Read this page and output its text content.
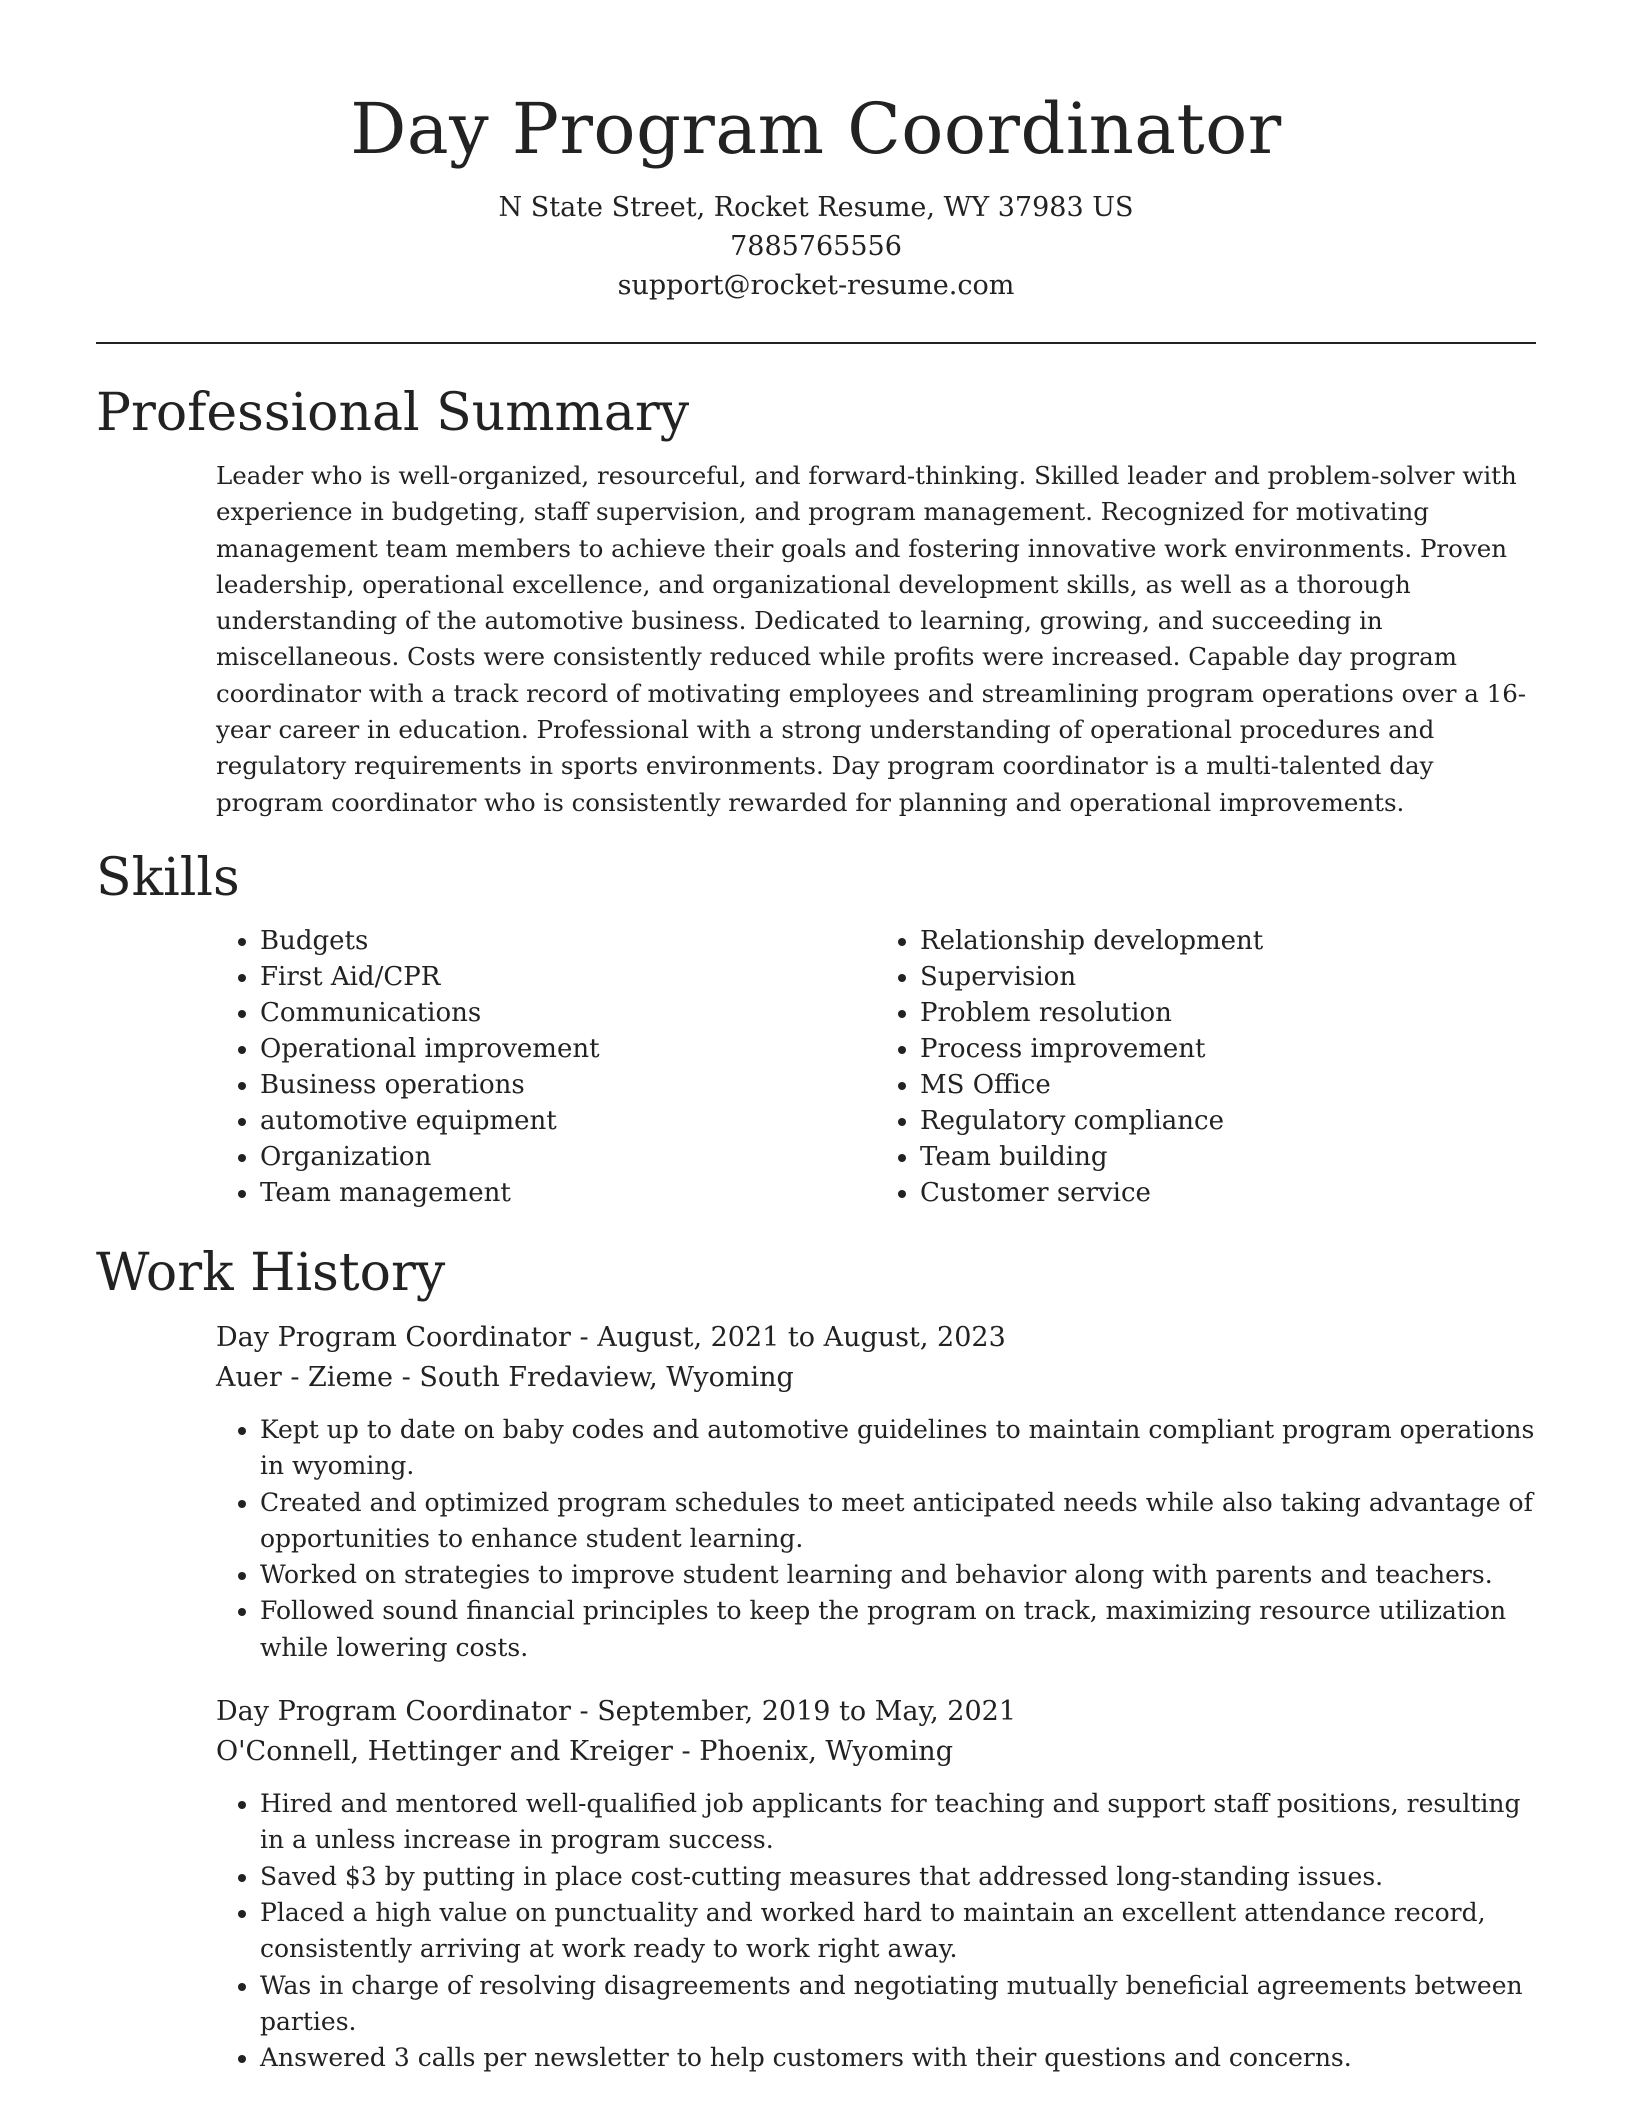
Day Program Coordinator
N State Street, Rocket Resume, WY 37983 US
7885765556
support@rocket-resume.com
Professional Summary

Leader who is well-organized, resourceful, and forward-thinking. Skilled leader and problem-solver with experience in budgeting, staff supervision, and program management. Recognized for motivating management team members to achieve their goals and fostering innovative work environments. Proven leadership, operational excellence, and organizational development skills, as well as a thorough understanding of the automotive business. Dedicated to learning, growing, and succeeding in miscellaneous. Costs were consistently reduced while profits were increased. Capable day program coordinator with a track record of motivating employees and streamlining program operations over a 16-year career in education. Professional with a strong understanding of operational procedures and regulatory requirements in sports environments. Day program coordinator is a multi-talented day program coordinator who is consistently rewarded for planning and operational improvements.

Skills
• Budgets
• First Aid/CPR
• Communications
• Operational improvement
• Business operations
• automotive equipment
• Organization
• Team management
• Relationship development
• Supervision
• Problem resolution
• Process improvement
• MS Office
• Regulatory compliance
• Team building
• Customer service
Work History
Day Program Coordinator - August, 2021 to August, 2023
Auer - Zieme - South Fredaview, Wyoming
• Kept up to date on baby codes and automotive guidelines to maintain compliant program operations in wyoming.
• Created and optimized program schedules to meet anticipated needs while also taking advantage of opportunities to enhance student learning.
• Worked on strategies to improve student learning and behavior along with parents and teachers.
• Followed sound financial principles to keep the program on track, maximizing resource utilization while lowering costs.
Day Program Coordinator - September, 2019 to May, 2021
O'Connell, Hettinger and Kreiger - Phoenix, Wyoming
• Hired and mentored well-qualified job applicants for teaching and support staff positions, resulting in a unless increase in program success.
• Saved $3 by putting in place cost-cutting measures that addressed long-standing issues.
• Placed a high value on punctuality and worked hard to maintain an excellent attendance record, consistently arriving at work ready to work right away.
• Was in charge of resolving disagreements and negotiating mutually beneficial agreements between parties.
• Answered 3 calls per newsletter to help customers with their questions and concerns.
